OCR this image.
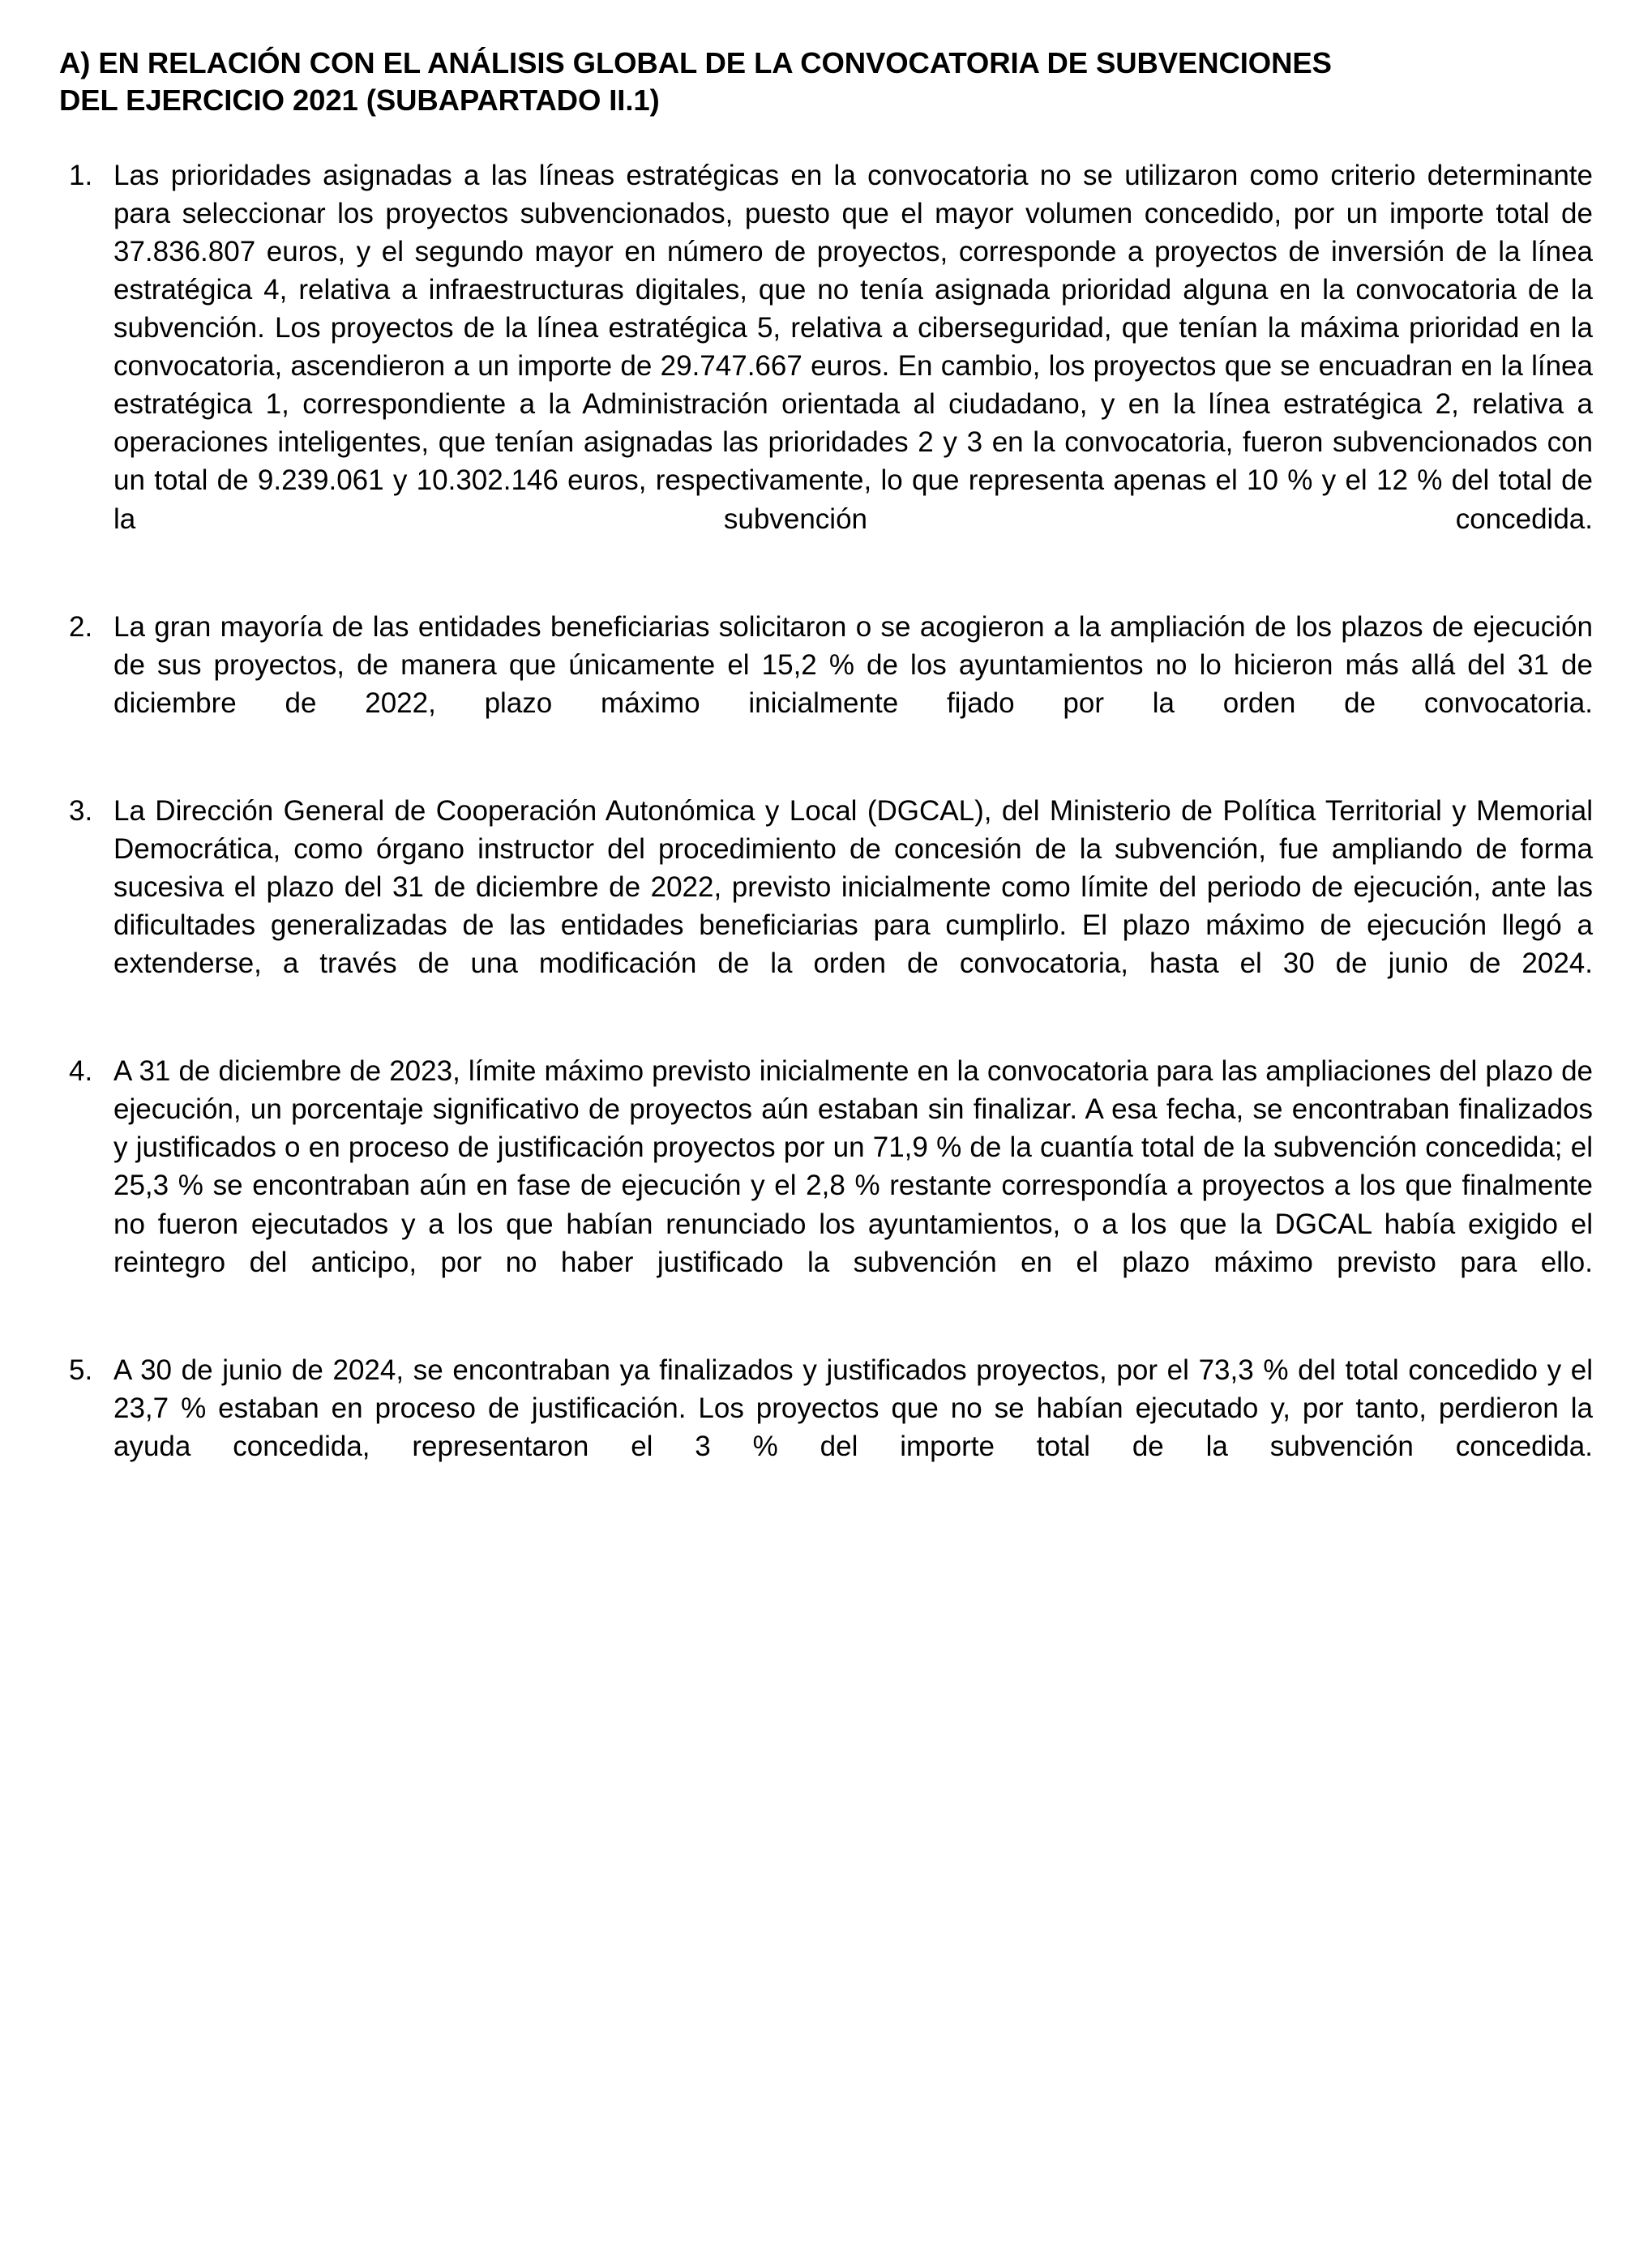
A) EN RELACIÓN CON EL ANÁLISIS GLOBAL DE LA CONVOCATORIA DE SUBVENCIONES
DEL EJERCICIO 2021 (SUBAPARTADO II.1)
1. Las prioridades asignadas a las líneas estratégicas en la convocatoria no se utilizaron como criterio determinante para seleccionar los proyectos subvencionados, puesto que el mayor volumen concedido, por un importe total de 37.836.807 euros, y el segundo mayor en número de proyectos, corresponde a proyectos de inversión de la línea estratégica 4, relativa a infraestructuras digitales, que no tenía asignada prioridad alguna en la convocatoria de la subvención. Los proyectos de la línea estratégica 5, relativa a ciberseguridad, que tenían la máxima prioridad en la convocatoria, ascendieron a un importe de 29.747.667 euros. En cambio, los proyectos que se encuadran en la línea estratégica 1, correspondiente a la Administración orientada al ciudadano, y en la línea estratégica 2, relativa a operaciones inteligentes, que tenían asignadas las prioridades 2 y 3 en la convocatoria, fueron subvencionados con un total de 9.239.061 y 10.302.146 euros, respectivamente, lo que representa apenas el 10 % y el 12 % del total de la subvención concedida.

2. La gran mayoría de las entidades beneficiarias solicitaron o se acogieron a la ampliación de los plazos de ejecución de sus proyectos, de manera que únicamente el 15,2 % de los ayuntamientos no lo hicieron más allá del 31 de diciembre de 2022, plazo máximo inicialmente fijado por la orden de convocatoria.

3. La Dirección General de Cooperación Autonómica y Local (DGCAL), del Ministerio de Política Territorial y Memorial Democrática, como órgano instructor del procedimiento de concesión de la subvención, fue ampliando de forma sucesiva el plazo del 31 de diciembre de 2022, previsto inicialmente como límite del periodo de ejecución, ante las dificultades generalizadas de las entidades beneficiarias para cumplirlo. El plazo máximo de ejecución llegó a extenderse, a través de una modificación de la orden de convocatoria, hasta el 30 de junio de 2024.

4. A 31 de diciembre de 2023, límite máximo previsto inicialmente en la convocatoria para las ampliaciones del plazo de ejecución, un porcentaje significativo de proyectos aún estaban sin finalizar. A esa fecha, se encontraban finalizados y justificados o en proceso de justificación proyectos por un 71,9 % de la cuantía total de la subvención concedida; el 25,3 % se encontraban aún en fase de ejecución y el 2,8 % restante correspondía a proyectos a los que finalmente no fueron ejecutados y a los que habían renunciado los ayuntamientos, o a los que la DGCAL había exigido el reintegro del anticipo, por no haber justificado la subvención en el plazo máximo previsto para ello.

5. A 30 de junio de 2024, se encontraban ya finalizados y justificados proyectos, por el 73,3 % del total concedido y el 23,7 % estaban en proceso de justificación. Los proyectos que no se habían ejecutado y, por tanto, perdieron la ayuda concedida, representaron el 3 % del importe total de la subvención concedida.
